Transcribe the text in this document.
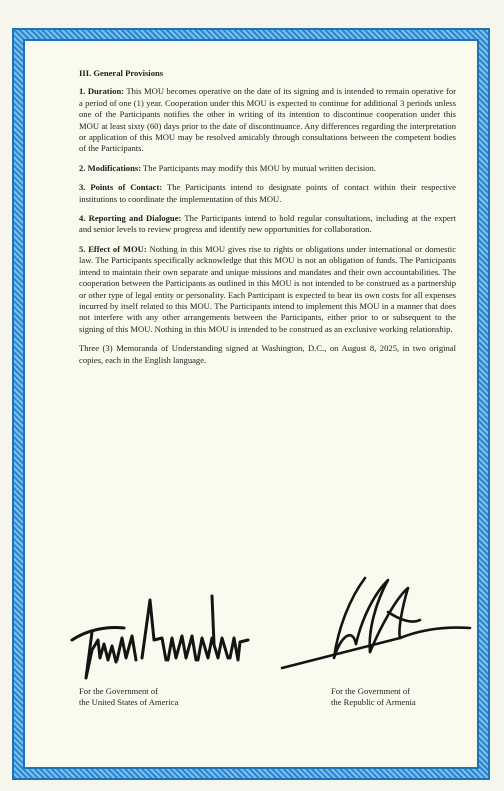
III. General Provisions
1. Duration: This MOU becomes operative on the date of its signing and is intended to remain operative for a period of one (1) year. Cooperation under this MOU is expected to continue for additional 3 periods unless one of the Participants notifies the other in writing of its intention to discontinue cooperation under this MOU at least sixty (60) days prior to the date of discontinuance. Any differences regarding the interpretation or application of this MOU may be resolved amicably through consultations between the competent bodies of the Participants.
2. Modifications: The Participants may modify this MOU by mutual written decision.
3. Points of Contact: The Participants intend to designate points of contact within their respective institutions to coordinate the implementation of this MOU.
4. Reporting and Dialogue: The Participants intend to hold regular consultations, including at the expert and senior levels to review progress and identify new opportunities for collaboration.
5. Effect of MOU: Nothing in this MOU gives rise to rights or obligations under international or domestic law. The Participants specifically acknowledge that this MOU is not an obligation of funds. The Participants intend to maintain their own separate and unique missions and mandates and their own accountabilities. The cooperation between the Participants as outlined in this MOU is not intended to be construed as a partnership or other type of legal entity or personality. Each Participant is expected to bear its own costs for all expenses incurred by itself related to this MOU. The Participants intend to implement this MOU in a manner that does not interfere with any other arrangements between the Participants, either prior to or subsequent to the signing of this MOU. Nothing in this MOU is intended to be construed as an exclusive working relationship.
Three (3) Memoranda of Understanding signed at Washington, D.C., on August 8, 2025, in two original copies, each in the English language.
For the Government of
the United States of America
For the Government of
the Republic of Armenia
